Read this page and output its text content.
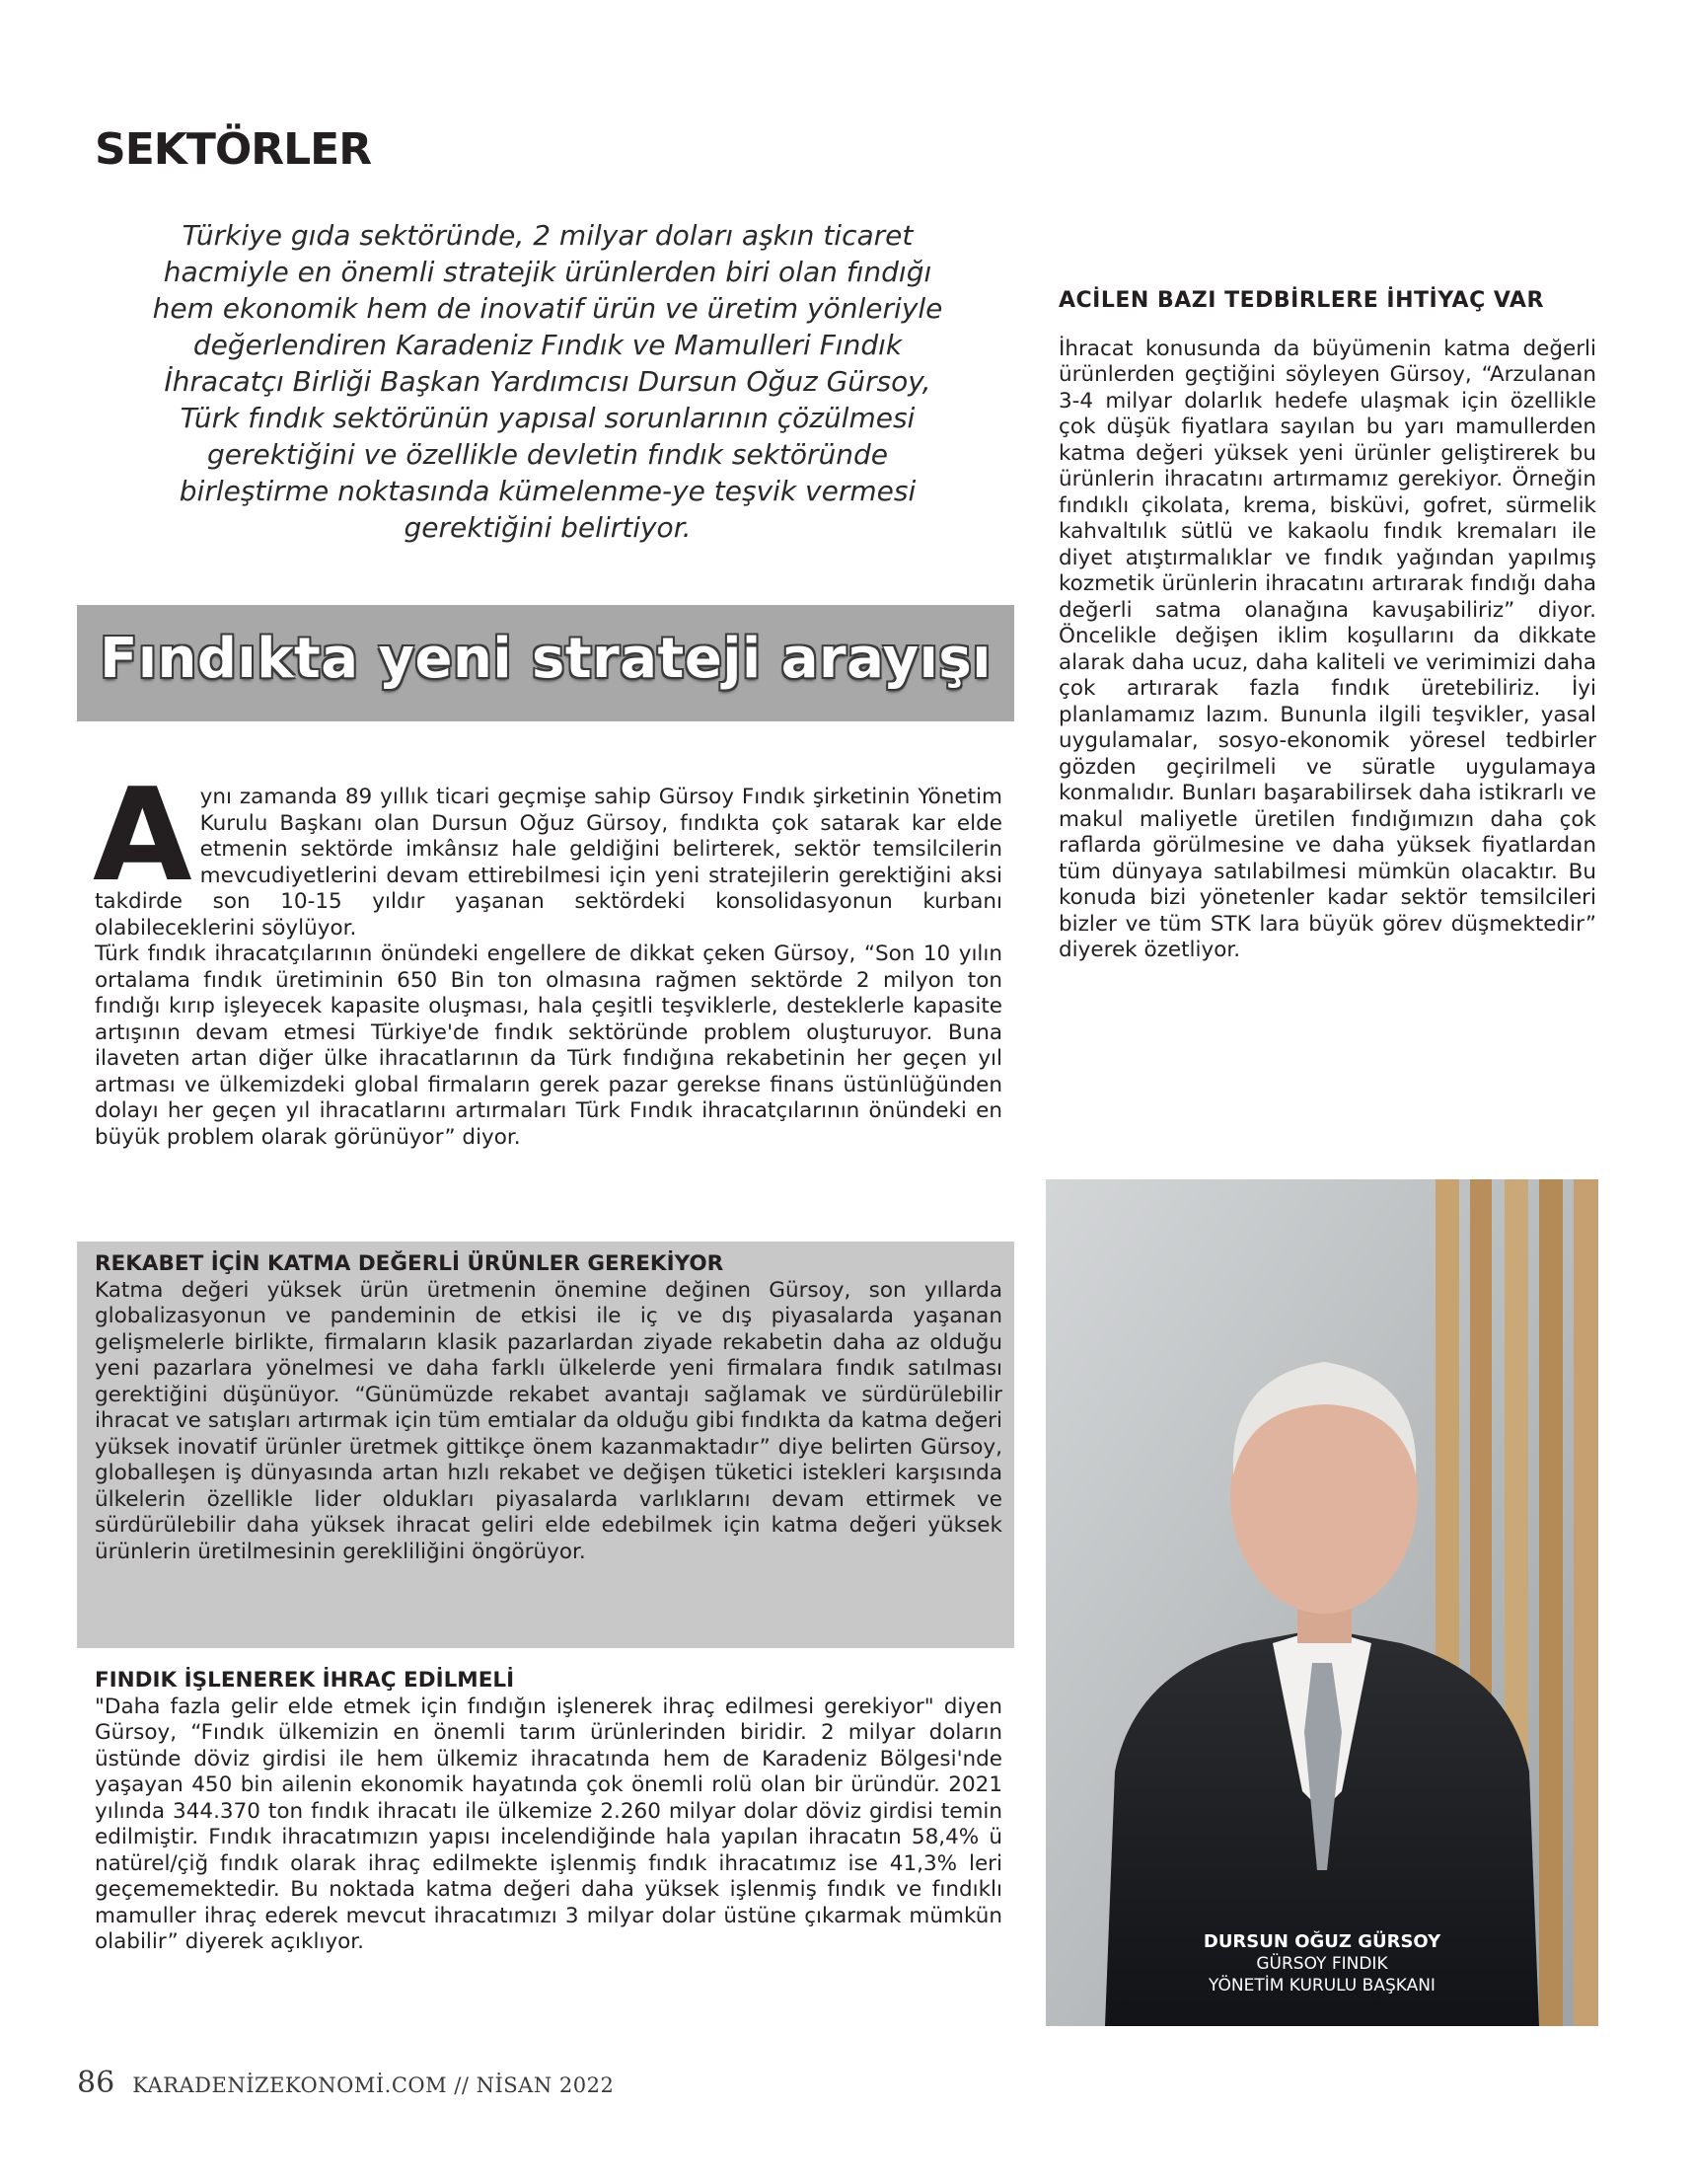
SEKTÖRLER
Türkiye gıda sektöründe, 2 milyar doları aşkın ticaret hacmiyle en önemli stratejik ürünlerden biri olan fındığı hem ekonomik hem de inovatif ürün ve üretim yönleriyle değerlendiren Karadeniz Fındık ve Mamulleri Fındık İhracatçı Birliği Başkan Yardımcısı Dursun Oğuz Gürsoy, Türk fındık sektörünün yapısal sorunlarının çözülmesi gerektiğini ve özellikle devletin fındık sektöründe birleştirme noktasında kümelenme-ye teşvik vermesi gerektiğini belirtiyor.
Fındıkta yeni strateji arayışı
A ynı zamanda 89 yıllık ticari geçmişe sahip Gürsoy Fındık şirketinin Yönetim Kurulu Başkanı olan Dursun Oğuz Gürsoy, fındıkta çok satarak kar elde etmenin sektörde imkânsız hale geldiğini belirterek, sektör temsilcilerin mevcudiyetlerini devam ettirebilmesi için yeni stratejilerin gerektiğini aksi takdirde son 10-15 yıldır yaşanan sektördeki konsolidasyonun kurbanı olabileceklerini söylüyor.

Türk fındık ihracatçılarının önündeki engellere de dikkat çeken Gürsoy, “Son 10 yılın ortalama fındık üretiminin 650 Bin ton olmasına rağmen sektörde 2 milyon ton fındığı kırıp işleyecek kapasite oluşması, hala çeşitli teşviklerle, desteklerle kapasite artışının devam etmesi Türkiye'de fındık sektöründe problem oluşturuyor. Buna ilaveten artan diğer ülke ihracatlarının da Türk fındığına rekabetinin her geçen yıl artması ve ülkemizdeki global firmaların gerek pazar gerekse finans üstünlüğünden dolayı her geçen yıl ihracatlarını artırmaları Türk Fındık ihracatçılarının önündeki en büyük problem olarak görünüyor” diyor.

REKABET İÇİN KATMA DEĞERLİ ÜRÜNLER GEREKİYOR

Katma değeri yüksek ürün üretmenin önemine değinen Gürsoy, son yıllarda globalizasyonun ve pandeminin de etkisi ile iç ve dış piyasalarda yaşanan gelişmelerle birlikte, firmaların klasik pazarlardan ziyade rekabetin daha az olduğu yeni pazarlara yönelmesi ve daha farklı ülkelerde yeni firmalara fındık satılması gerektiğini düşünüyor. “Günümüzde rekabet avantajı sağlamak ve sürdürülebilir ihracat ve satışları artırmak için tüm emtialar da olduğu gibi fındıkta da katma değeri yüksek inovatif ürünler üretmek gittikçe önem kazanmaktadır” diye belirten Gürsoy, globalleşen iş dünyasında artan hızlı rekabet ve değişen tüketici istekleri karşısında ülkelerin özellikle lider oldukları piyasalarda varlıklarını devam ettirmek ve sürdürülebilir daha yüksek ihracat geliri elde edebilmek için katma değeri yüksek ürünlerin üretilmesinin gerekliliğini öngörüyor.

FINDIK İŞLENEREK İHRAÇ EDİLMELİ

"Daha fazla gelir elde etmek için fındığın işlenerek ihraç edilmesi gerekiyor" diyen Gürsoy, “Fındık ülkemizin en önemli tarım ürünlerinden biridir. 2 milyar doların üstünde döviz girdisi ile hem ülkemiz ihracatında hem de Karadeniz Bölgesi'nde yaşayan 450 bin ailenin ekonomik hayatında çok önemli rolü olan bir üründür. 2021 yılında 344.370 ton fındık ihracatı ile ülkemize 2.260 milyar dolar döviz girdisi temin edilmiştir. Fındık ihracatımızın yapısı incelendiğinde hala yapılan ihracatın 58,4% ü natürel/çiğ fındık olarak ihraç edilmekte işlenmiş fındık ihracatımız ise 41,3% leri geçememektedir. Bu noktada katma değeri daha yüksek işlenmiş fındık ve fındıklı mamuller ihraç ederek mevcut ihracatımızı 3 milyar dolar üstüne çıkarmak mümkün olabilir” diyerek açıklıyor.

ACİLEN BAZI TEDBİRLERE İHTİYAÇ VAR

İhracat konusunda da büyümenin katma değerli ürünlerden geçtiğini söyleyen Gürsoy, “Arzulanan 3-4 milyar dolarlık hedefe ulaşmak için özellikle çok düşük fiyatlara sayılan bu yarı mamullerden katma değeri yüksek yeni ürünler geliştirerek bu ürünlerin ihracatını artırmamız gerekiyor. Örneğin fındıklı çikolata, krema, bisküvi, gofret, sürmelik kahvaltılık sütlü ve kakaolu fındık kremaları ile diyet atıştırmalıklar ve fındık yağından yapılmış kozmetik ürünlerin ihracatını artırarak fındığı daha değerli satma olanağına kavuşabiliriz” diyor. Öncelikle değişen iklim koşullarını da dikkate alarak daha ucuz, daha kaliteli ve verimimizi daha çok artırarak fazla fındık üretebiliriz. İyi planlamamız lazım. Bununla ilgili teşvikler, yasal uygulamalar, sosyo-ekonomik yöresel tedbirler gözden geçirilmeli ve süratle uygulamaya konmalıdır. Bunları başarabilirsek daha istikrarlı ve makul maliyetle üretilen fındığımızın daha çok raflarda görülmesine ve daha yüksek fiyatlardan tüm dünyaya satılabilmesi mümkün olacaktır. Bu konuda bizi yönetenler kadar sektör temsilcileri bizler ve tüm STK lara büyük görev düşmektedir” diyerek özetliyor.

DURSUN OĞUZ GÜRSOY
GÜRSOY FINDIK
YÖNETİM KURULU BAŞKANI
86 KARADENİZEKONOMİ.COM // NİSAN 2022
